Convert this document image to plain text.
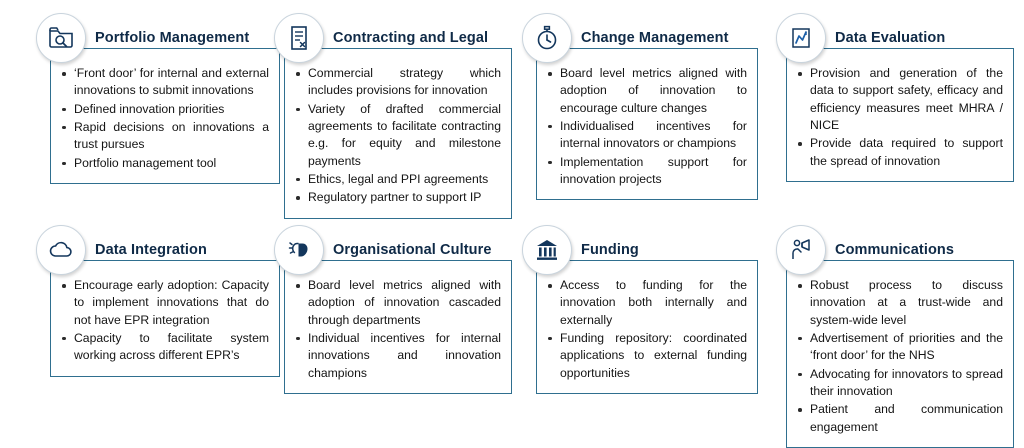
Portfolio Management
‘Front door’ for internal and external innovations to submit innovations
Defined innovation priorities
Rapid decisions on innovations a trust pursues
Portfolio management tool
Contracting and Legal
Commercial strategy which includes provisions for innovation
Variety of drafted commercial agreements to facilitate contracting e.g. for equity and milestone payments
Ethics, legal and PPI agreements
Regulatory partner to support IP
Change Management
Board level metrics aligned with adoption of innovation to encourage culture changes
Individualised incentives for internal innovators or champions
Implementation support for innovation projects
Data Evaluation
Provision and generation of the data to support safety, efficacy and efficiency measures meet MHRA / NICE
Provide data required to support the spread of innovation
Data Integration
Encourage early adoption: Capacity to implement innovations that do not have EPR integration
Capacity to facilitate system working across different EPR’s
Organisational Culture
Board level metrics aligned with adoption of innovation cascaded through departments
Individual incentives for internal innovations and innovation champions
Funding
Access to funding for the innovation both internally and externally
Funding repository: coordinated applications to external funding opportunities
Communications
Robust process to discuss innovation at a trust-wide and system-wide level
Advertisement of priorities and the ‘front door’ for the NHS
Advocating for innovators to spread their innovation
Patient and communication engagement
